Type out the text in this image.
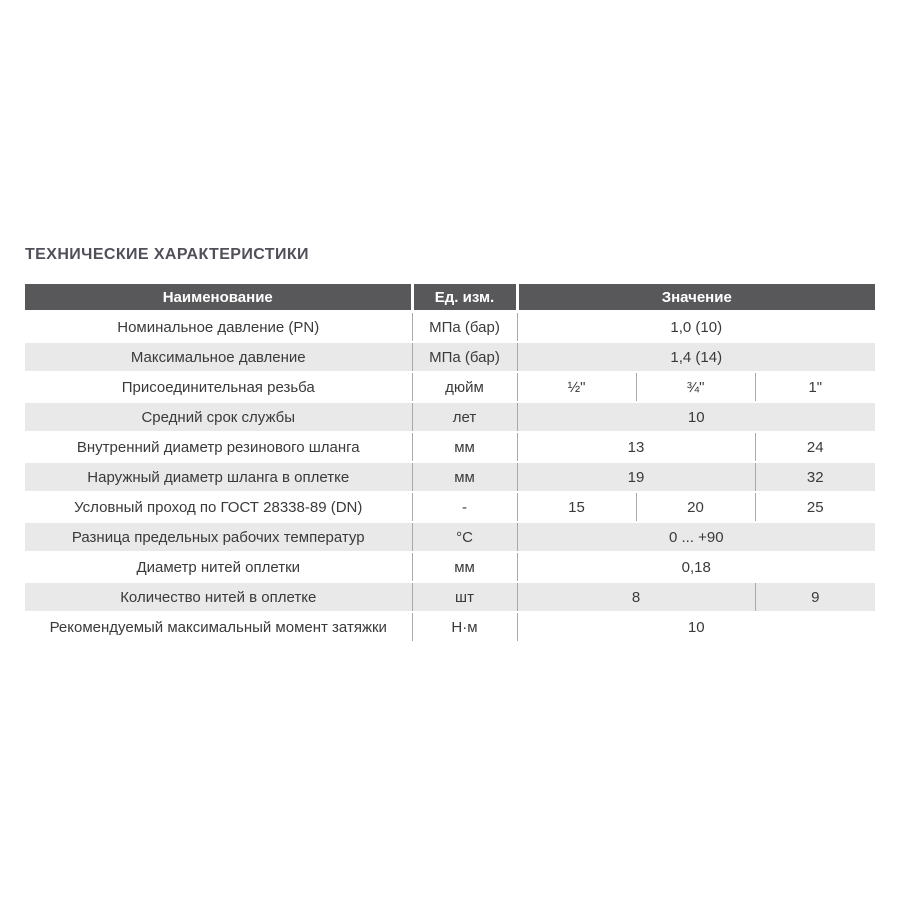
ТЕХНИЧЕСКИЕ ХАРАКТЕРИСТИКИ
Наименование	Ед. изм.	Значение		
Номинальное давление (PN)	МПа (бар)	1,0 (10)		
Максимальное давление	МПа (бар)	1,4 (14)		
Присоединительная резьба	дюйм	½"	¾"	1"
Средний срок службы	лет	10		
Внутренний диаметр резинового шланга	мм	13		24
Наружный диаметр шланга в оплетке	мм	19		32
Условный проход по ГОСТ 28338-89 (DN)	-	15	20	25
Разница предельных рабочих температур	°C	0 ... +90		
Диаметр нитей оплетки	мм	0,18		
Количество нитей в оплетке	шт	8		9
Рекомендуемый максимальный момент затяжки	Н·м	10		
